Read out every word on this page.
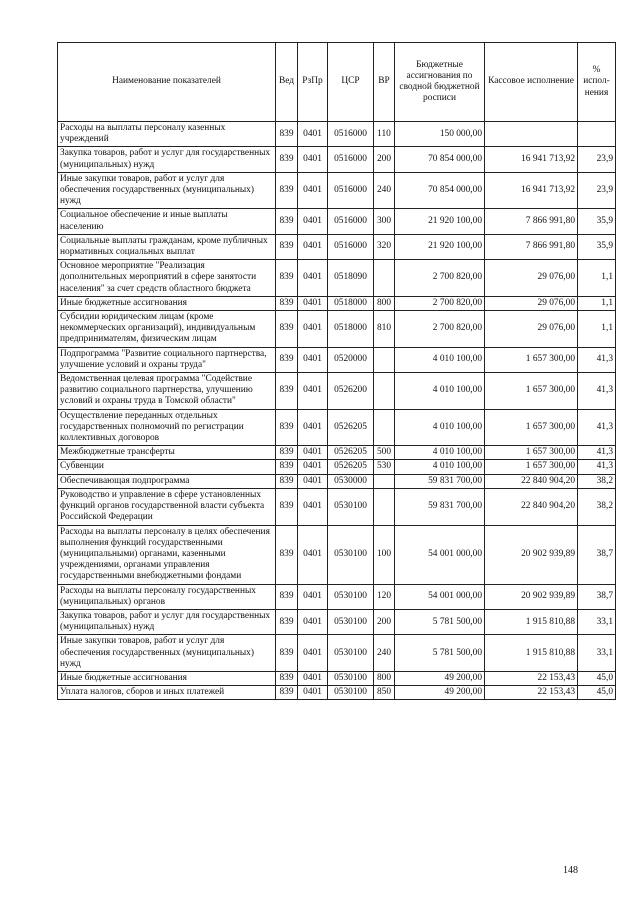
Наименование показателей	Вед	РзПр	ЦСР	ВР	Бюджетные ассигнования по сводной бюджетной росписи	Кассовое исполнение	% испол-нения
Расходы на выплаты персоналу казенных учреждений	839	0401	0516000	110	150 000,00		
Закупка товаров, работ и услуг для государственных (муниципальных) нужд	839	0401	0516000	200	70 854 000,00	16 941 713,92	23,9
Иные закупки товаров, работ и услуг для обеспечения государственных (муниципальных) нужд	839	0401	0516000	240	70 854 000,00	16 941 713,92	23,9
Социальное обеспечение и иные выплаты населению	839	0401	0516000	300	21 920 100,00	7 866 991,80	35,9
Социальные выплаты гражданам, кроме публичных нормативных социальных выплат	839	0401	0516000	320	21 920 100,00	7 866 991,80	35,9
Основное мероприятие "Реализация дополнительных мероприятий в сфере занятости населения" за счет средств областного бюджета	839	0401	0518090		2 700 820,00	29 076,00	1,1
Иные бюджетные ассигнования	839	0401	0518000	800	2 700 820,00	29 076,00	1,1
Субсидии юридическим лицам (кроме некоммерческих организаций), индивидуальным предпринимателям, физическим лицам	839	0401	0518000	810	2 700 820,00	29 076,00	1,1
Подпрограмма "Развитие социального партнерства, улучшение условий и охраны труда"	839	0401	0520000		4 010 100,00	1 657 300,00	41,3
Ведомственная целевая программа "Содействие развитию социального партнерства, улучшению условий и охраны труда в Томской области"	839	0401	0526200		4 010 100,00	1 657 300,00	41,3
Осуществление переданных отдельных государственных полномочий по регистрации коллективных договоров	839	0401	0526205		4 010 100,00	1 657 300,00	41,3
Межбюджетные трансферты	839	0401	0526205	500	4 010 100,00	1 657 300,00	41,3
Субвенции	839	0401	0526205	530	4 010 100,00	1 657 300,00	41,3
Обеспечивающая подпрограмма	839	0401	0530000		59 831 700,00	22 840 904,20	38,2
Руководство и управление в сфере установленных функций органов государственной власти субъекта Российской Федерации	839	0401	0530100		59 831 700,00	22 840 904,20	38,2
Расходы на выплаты персоналу в целях обеспечения выполнения функций государственными (муниципальными) органами, казенными учреждениями, органами управления государственными внебюджетными фондами	839	0401	0530100	100	54 001 000,00	20 902 939,89	38,7
Расходы на выплаты персоналу государственных (муниципальных) органов	839	0401	0530100	120	54 001 000,00	20 902 939,89	38,7
Закупка товаров, работ и услуг для государственных (муниципальных) нужд	839	0401	0530100	200	5 781 500,00	1 915 810,88	33,1
Иные закупки товаров, работ и услуг для обеспечения государственных (муниципальных) нужд	839	0401	0530100	240	5 781 500,00	1 915 810,88	33,1
Иные бюджетные ассигнования	839	0401	0530100	800	49 200,00	22 153,43	45,0
Уплата налогов, сборов и иных платежей	839	0401	0530100	850	49 200,00	22 153,43	45,0
148
